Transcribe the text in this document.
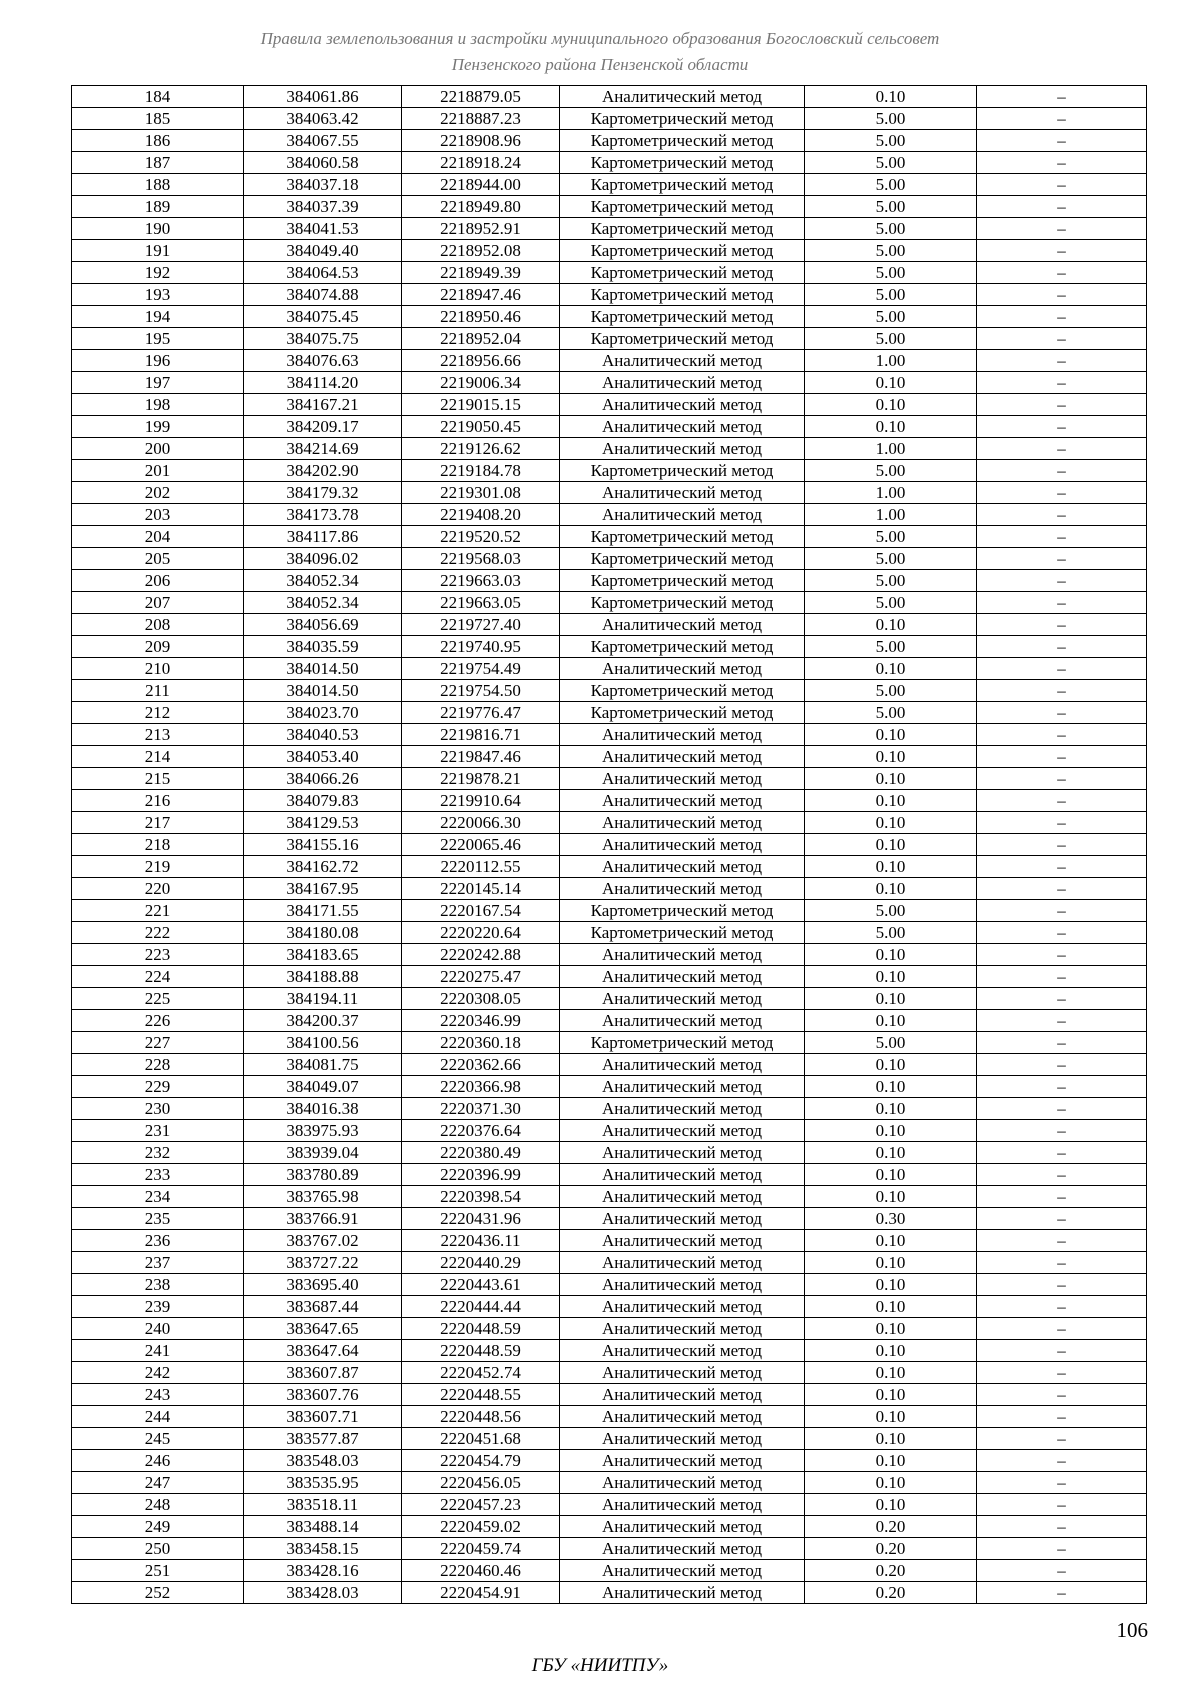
Правила землепользования и застройки муниципального образования Богословский сельсовет
Пензенского района Пензенской области
184	384061.86	2218879.05	Аналитический метод	0.10	–
185	384063.42	2218887.23	Картометрический метод	5.00	–
186	384067.55	2218908.96	Картометрический метод	5.00	–
187	384060.58	2218918.24	Картометрический метод	5.00	–
188	384037.18	2218944.00	Картометрический метод	5.00	–
189	384037.39	2218949.80	Картометрический метод	5.00	–
190	384041.53	2218952.91	Картометрический метод	5.00	–
191	384049.40	2218952.08	Картометрический метод	5.00	–
192	384064.53	2218949.39	Картометрический метод	5.00	–
193	384074.88	2218947.46	Картометрический метод	5.00	–
194	384075.45	2218950.46	Картометрический метод	5.00	–
195	384075.75	2218952.04	Картометрический метод	5.00	–
196	384076.63	2218956.66	Аналитический метод	1.00	–
197	384114.20	2219006.34	Аналитический метод	0.10	–
198	384167.21	2219015.15	Аналитический метод	0.10	–
199	384209.17	2219050.45	Аналитический метод	0.10	–
200	384214.69	2219126.62	Аналитический метод	1.00	–
201	384202.90	2219184.78	Картометрический метод	5.00	–
202	384179.32	2219301.08	Аналитический метод	1.00	–
203	384173.78	2219408.20	Аналитический метод	1.00	–
204	384117.86	2219520.52	Картометрический метод	5.00	–
205	384096.02	2219568.03	Картометрический метод	5.00	–
206	384052.34	2219663.03	Картометрический метод	5.00	–
207	384052.34	2219663.05	Картометрический метод	5.00	–
208	384056.69	2219727.40	Аналитический метод	0.10	–
209	384035.59	2219740.95	Картометрический метод	5.00	–
210	384014.50	2219754.49	Аналитический метод	0.10	–
211	384014.50	2219754.50	Картометрический метод	5.00	–
212	384023.70	2219776.47	Картометрический метод	5.00	–
213	384040.53	2219816.71	Аналитический метод	0.10	–
214	384053.40	2219847.46	Аналитический метод	0.10	–
215	384066.26	2219878.21	Аналитический метод	0.10	–
216	384079.83	2219910.64	Аналитический метод	0.10	–
217	384129.53	2220066.30	Аналитический метод	0.10	–
218	384155.16	2220065.46	Аналитический метод	0.10	–
219	384162.72	2220112.55	Аналитический метод	0.10	–
220	384167.95	2220145.14	Аналитический метод	0.10	–
221	384171.55	2220167.54	Картометрический метод	5.00	–
222	384180.08	2220220.64	Картометрический метод	5.00	–
223	384183.65	2220242.88	Аналитический метод	0.10	–
224	384188.88	2220275.47	Аналитический метод	0.10	–
225	384194.11	2220308.05	Аналитический метод	0.10	–
226	384200.37	2220346.99	Аналитический метод	0.10	–
227	384100.56	2220360.18	Картометрический метод	5.00	–
228	384081.75	2220362.66	Аналитический метод	0.10	–
229	384049.07	2220366.98	Аналитический метод	0.10	–
230	384016.38	2220371.30	Аналитический метод	0.10	–
231	383975.93	2220376.64	Аналитический метод	0.10	–
232	383939.04	2220380.49	Аналитический метод	0.10	–
233	383780.89	2220396.99	Аналитический метод	0.10	–
234	383765.98	2220398.54	Аналитический метод	0.10	–
235	383766.91	2220431.96	Аналитический метод	0.30	–
236	383767.02	2220436.11	Аналитический метод	0.10	–
237	383727.22	2220440.29	Аналитический метод	0.10	–
238	383695.40	2220443.61	Аналитический метод	0.10	–
239	383687.44	2220444.44	Аналитический метод	0.10	–
240	383647.65	2220448.59	Аналитический метод	0.10	–
241	383647.64	2220448.59	Аналитический метод	0.10	–
242	383607.87	2220452.74	Аналитический метод	0.10	–
243	383607.76	2220448.55	Аналитический метод	0.10	–
244	383607.71	2220448.56	Аналитический метод	0.10	–
245	383577.87	2220451.68	Аналитический метод	0.10	–
246	383548.03	2220454.79	Аналитический метод	0.10	–
247	383535.95	2220456.05	Аналитический метод	0.10	–
248	383518.11	2220457.23	Аналитический метод	0.10	–
249	383488.14	2220459.02	Аналитический метод	0.20	–
250	383458.15	2220459.74	Аналитический метод	0.20	–
251	383428.16	2220460.46	Аналитический метод	0.20	–
252	383428.03	2220454.91	Аналитический метод	0.20	–
106
ГБУ «НИИТПУ»
